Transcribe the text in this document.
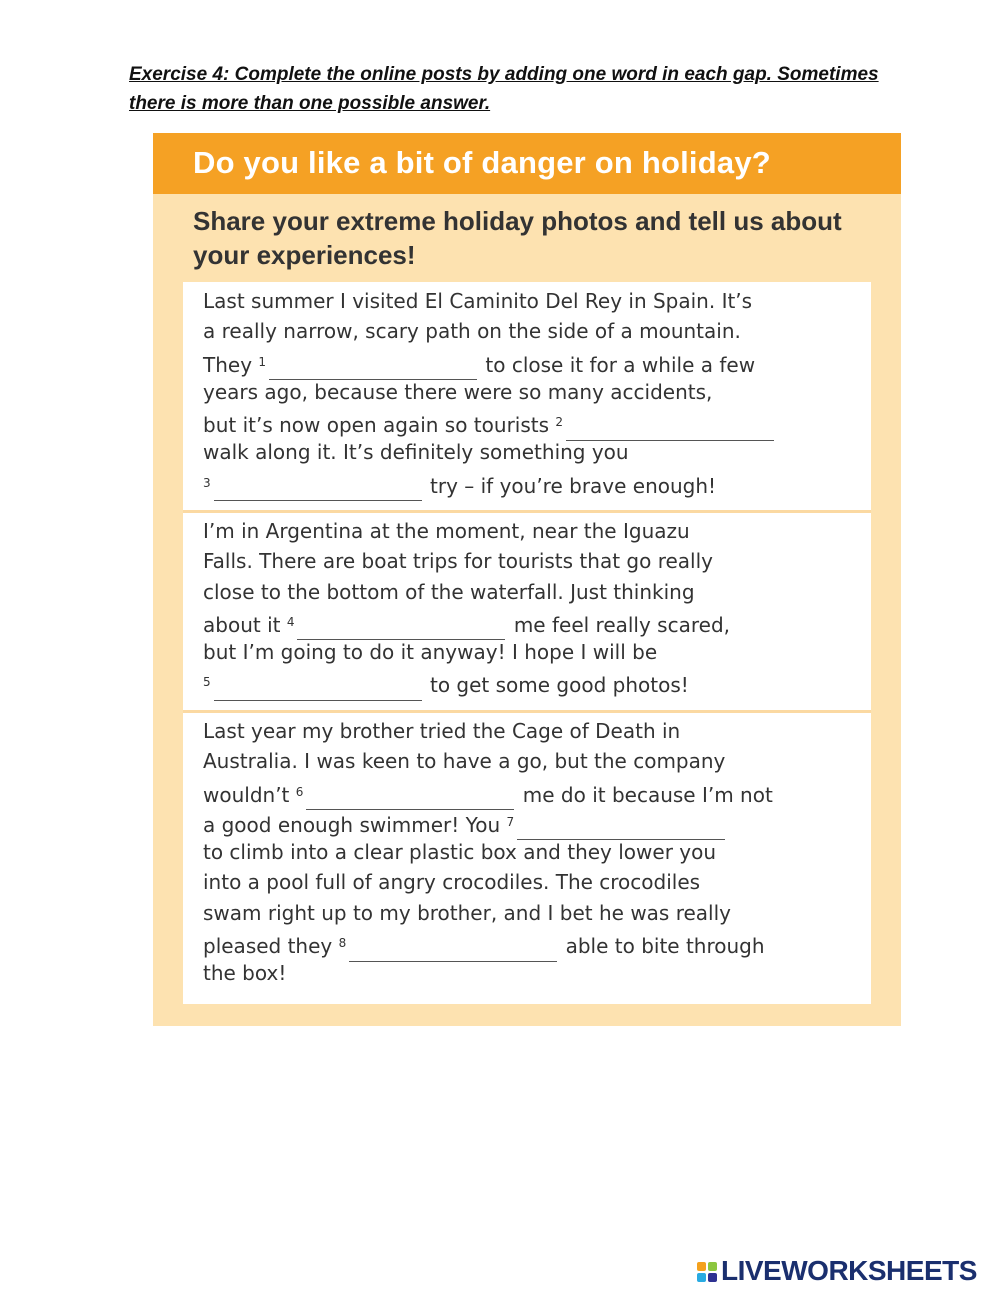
Exercise 4: Complete the online posts by adding one word in each gap. Sometimes
there is more than one possible answer.
Do you like a bit of danger on holiday?
Share your extreme holiday photos and tell us about your experiences!
Last summer I visited El Caminito Del Rey in Spain. It’s
a really narrow, scary path on the side of a mountain.
They $^1$	to close it for a while a few
years ago, because there were so many accidents,
but it’s now open again so tourists $^2$
walk along it. It’s definitely something you
$^3$	try – if you’re brave enough!
I’m in Argentina at the moment, near the Iguazu
Falls. There are boat trips for tourists that go really
close to the bottom of the waterfall. Just thinking
about it $^4$	me feel really scared,
but I’m going to do it anyway! I hope I will be
$^5$	to get some good photos!
Last year my brother tried the Cage of Death in
Australia. I was keen to have a go, but the company
wouldn’t $^6$	me do it because I’m not
a good enough swimmer! You $^7$
to climb into a clear plastic box and they lower you
into a pool full of angry crocodiles. The crocodiles
swam right up to my brother, and I bet he was really
pleased they $^8$	able to bite through
the box!
LIVEWORKSHEETS
